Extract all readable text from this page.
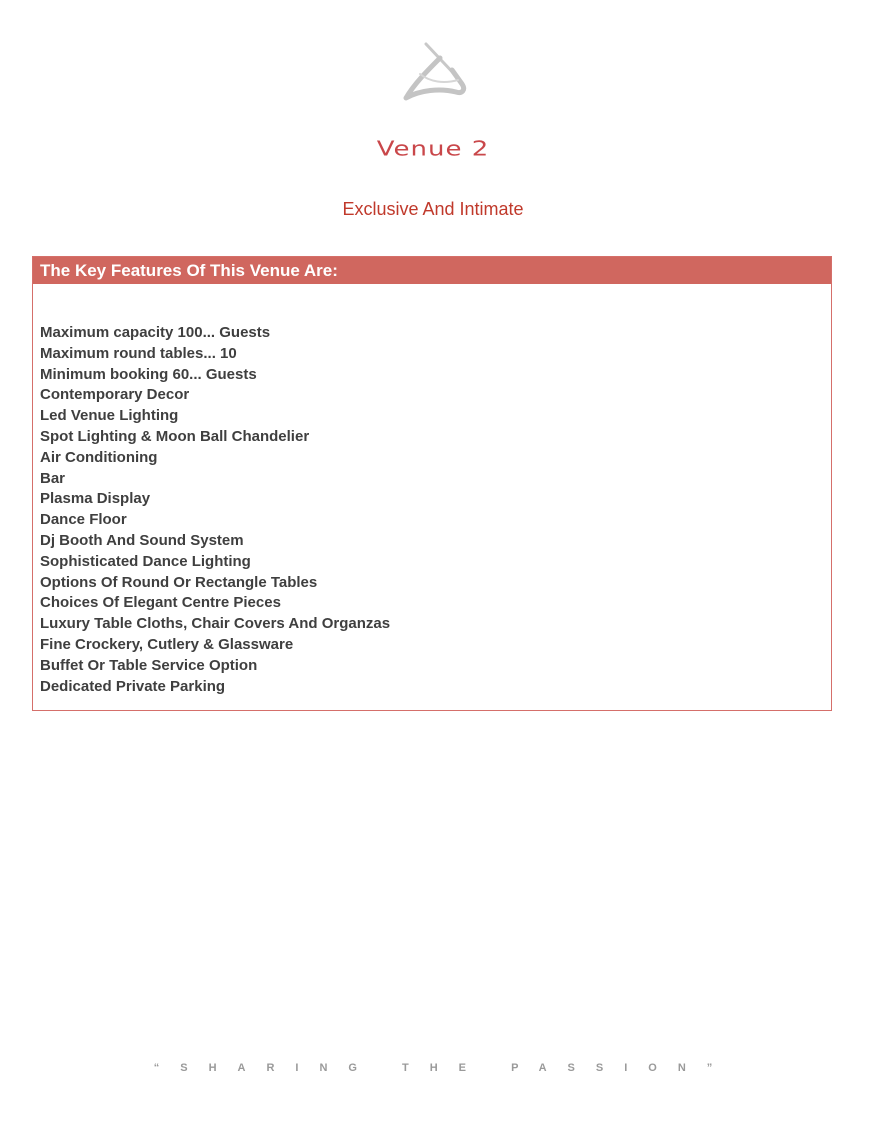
Venue 2
Exclusive And Intimate
The Key Features Of This Venue Are:
Maximum capacity 100... Guests
Maximum round tables... 10
Minimum booking 60... Guests
Contemporary Decor
Led Venue Lighting
Spot Lighting & Moon Ball Chandelier
Air Conditioning
Bar
Plasma Display
Dance Floor
Dj Booth And Sound System
Sophisticated Dance Lighting
Options Of Round Or Rectangle Tables
Choices Of Elegant Centre Pieces
Luxury Table Cloths, Chair Covers And Organzas
Fine Crockery, Cutlery & Glassware
Buffet Or Table Service Option
Dedicated Private Parking
“SHARING THE PASSION”
